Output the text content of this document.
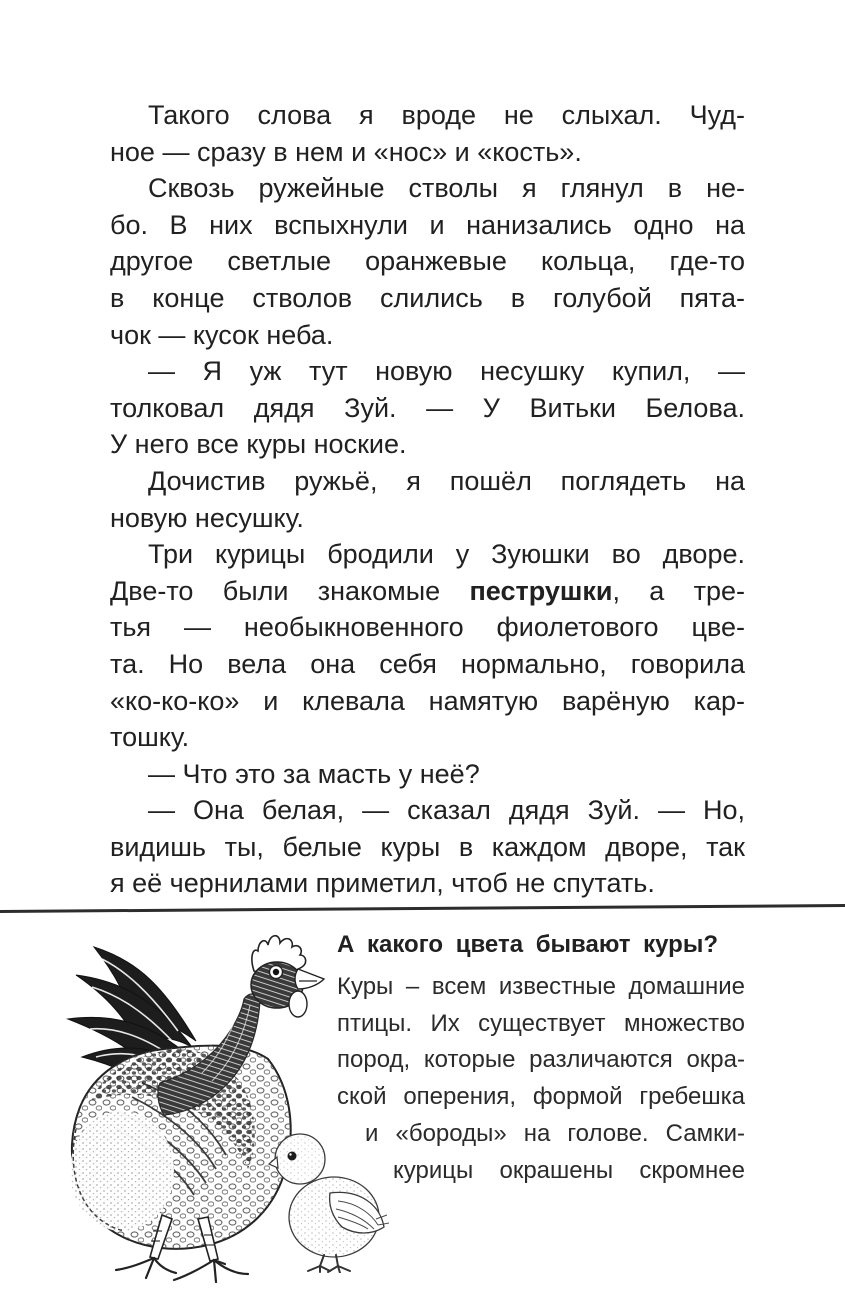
Такого слова я вроде не слыхал. Чуд-
ное — сразу в нем и «нос» и «кость».
Сквозь ружейные стволы я глянул в не-
бо. В них вспыхнули и нанизались одно на
другое светлые оранжевые кольца, где-то
в конце стволов слились в голубой пята-
чок — кусок неба.
— Я уж тут новую несушку купил, —
толковал дядя Зуй. — У Витьки Белова.
У него все куры ноские.
Дочистив ружьё, я пошёл поглядеть на
новую несушку.
Три курицы бродили у Зуюшки во дворе.
Две-то были знакомые пеструшки, а тре-
тья — необыкновенного фиолетового цве-
та. Но вела она себя нормально, говорила
«ко-ко-ко» и клевала намятую варёную кар-
тошку.
— Что это за масть у неё?
— Она белая, — сказал дядя Зуй. — Но,
видишь ты, белые куры в каждом дворе, так
я её чернилами приметил, чтоб не спутать.
А какого цвета бывают куры?
Куры – всем известные домашние
птицы. Их существует множество
пород, которые различаются окра-
ской оперения, формой гребешка
и «бороды» на голове. Самки-
курицы окрашены скромнее
